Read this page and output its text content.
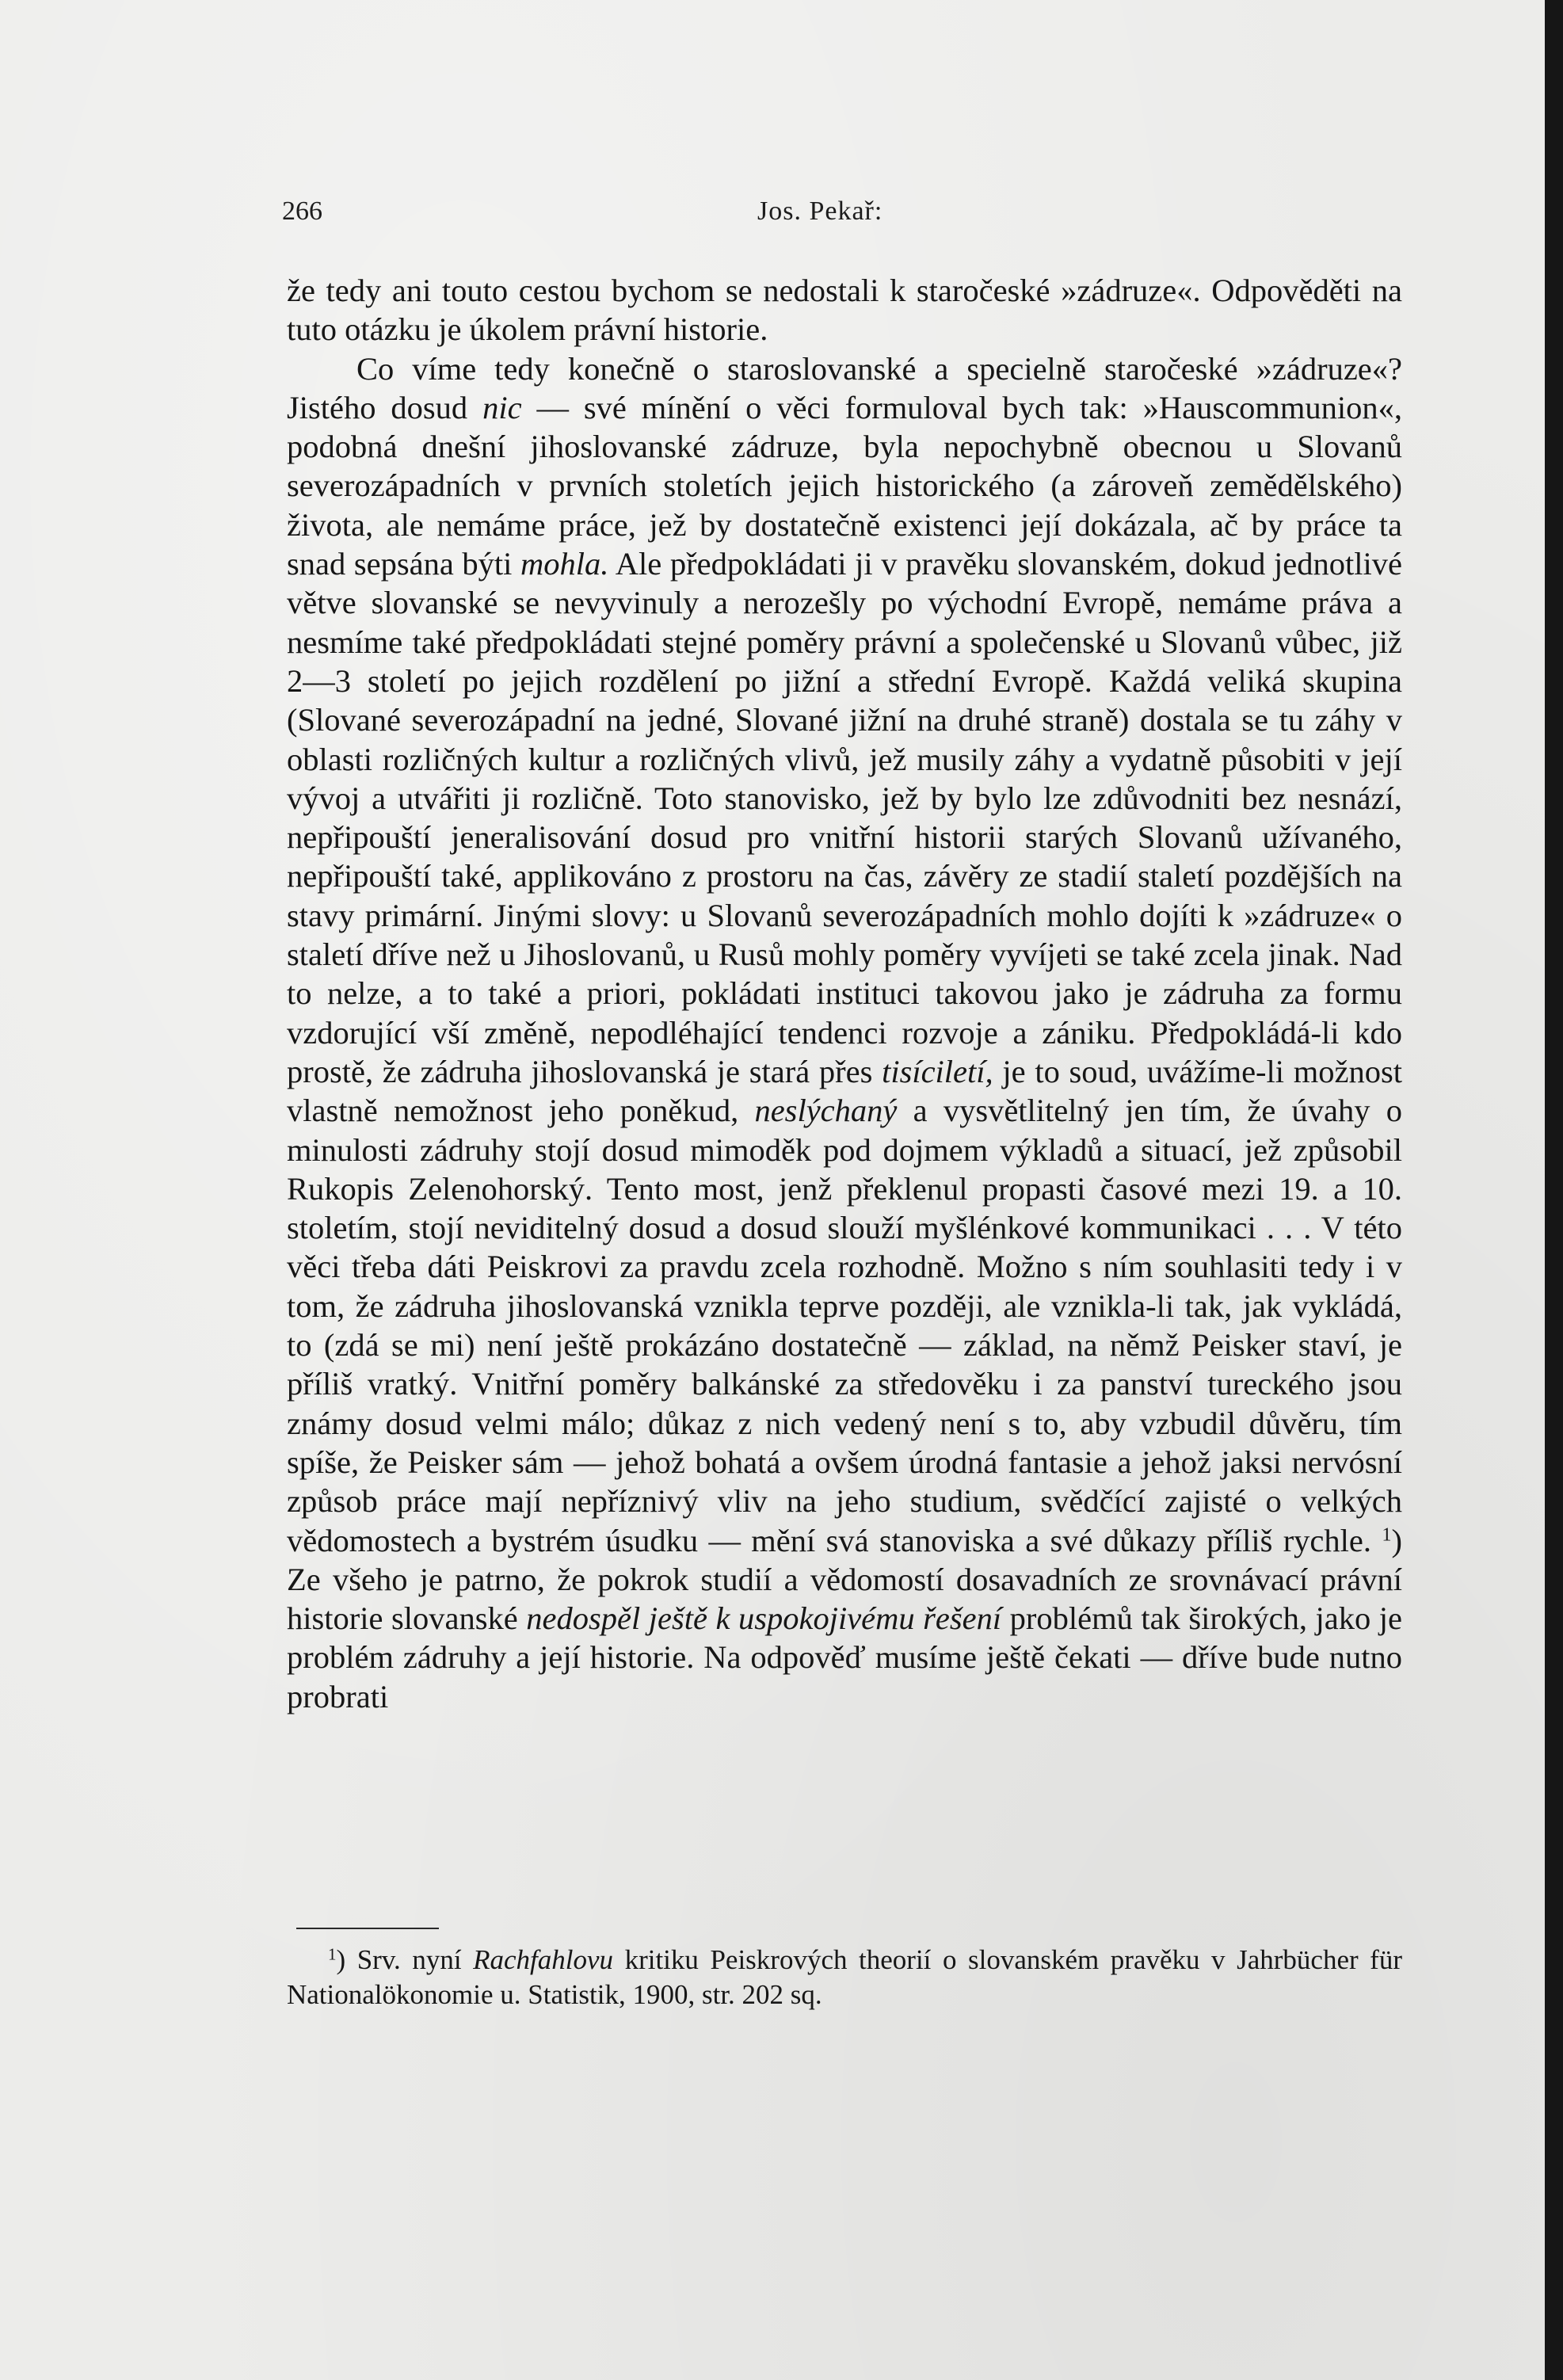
266	Jos. Pekař:

že tedy ani touto cestou bychom se nedostali k staročeské »zádruze«. Odpověděti na tuto otázku je úkolem právní historie.

Co víme tedy konečně o staroslovanské a specielně staročeské »zádruze«? Jistého dosud nic — své mínění o věci formuloval bych tak: »Hauscommunion«, podobná dnešní jihoslovanské zádruze, byla nepochybně obecnou u Slovanů severozápadních v prvních stoletích jejich historického (a zároveň zemědělského) života, ale nemáme práce, jež by dostatečně existenci její dokázala, ač by práce ta snad sepsána býti mohla. Ale předpokládati ji v pravěku slovanském, dokud jednotlivé větve slovanské se nevyvinuly a nerozešly po východní Evropě, nemáme práva a nesmíme také předpokládati stejné poměry právní a společenské u Slovanů vůbec, již 2—3 století po jejich rozdělení po jižní a střední Evropě. Každá veliká skupina (Slované severozápadní na jedné, Slované jižní na druhé straně) dostala se tu záhy v oblasti rozličných kultur a rozličných vlivů, jež musily záhy a vydatně působiti v její vývoj a utvářiti ji rozličně. Toto stanovisko, jež by bylo lze zdůvodniti bez nesnází, nepřipouští jeneralisování dosud pro vnitřní historii starých Slovanů užívaného, nepřipouští také, applikováno z prostoru na čas, závěry ze stadií staletí pozdějších na stavy primární. Jinými slovy: u Slovanů severozápadních mohlo dojíti k »zádruze« o staletí dříve než u Jihoslovanů, u Rusů mohly poměry vyvíjeti se také zcela jinak. Nad to nelze, a to také a priori, pokládati instituci takovou jako je zádruha za formu vzdorující vší změně, nepodléhající tendenci rozvoje a zániku. Předpokládá-li kdo prostě, že zádruha jihoslovanská je stará přes tisíciletí, je to soud, uvážíme-li možnost vlastně nemožnost jeho poněkud, neslýchaný a vysvětlitelný jen tím, že úvahy o minulosti zádruhy stojí dosud mimoděk pod dojmem výkladů a situací, jež způsobil Rukopis Zelenohorský. Tento most, jenž překlenul propasti časové mezi 19. a 10. stoletím, stojí neviditelný dosud a dosud slouží myšlénkové kommunikaci . . . V této věci třeba dáti Peiskrovi za pravdu zcela rozhodně. Možno s ním souhlasiti tedy i v tom, že zádruha jihoslovanská vznikla teprve později, ale vznikla-li tak, jak vykládá, to (zdá se mi) není ještě prokázáno dostatečně — základ, na němž Peisker staví, je příliš vratký. Vnitřní poměry balkánské za středověku i za panství tureckého jsou známy dosud velmi málo; důkaz z nich vedený není s to, aby vzbudil důvěru, tím spíše, že Peisker sám — jehož bohatá a ovšem úrodná fantasie a jehož jaksi nervósní způsob práce mají nepříznivý vliv na jeho studium, svědčící zajisté o velkých vědomostech a bystrém úsudku — mění svá stanoviska a své důkazy příliš rychle. $^1$) Ze všeho je patrno, že pokrok studií a vědomostí dosavadních ze srovnávací právní historie slovanské nedospěl ještě k uspokojivému řešení problémů tak širokých, jako je problém zádruhy a její historie. Na odpověď musíme ještě čekati — dříve bude nutno probrati

$^1$) Srv. nyní Rachfahlovu kritiku Peiskrových theorií o slovanském pravěku v Jahrbücher für Nationalökonomie u. Statistik, 1900, str. 202 sq.
